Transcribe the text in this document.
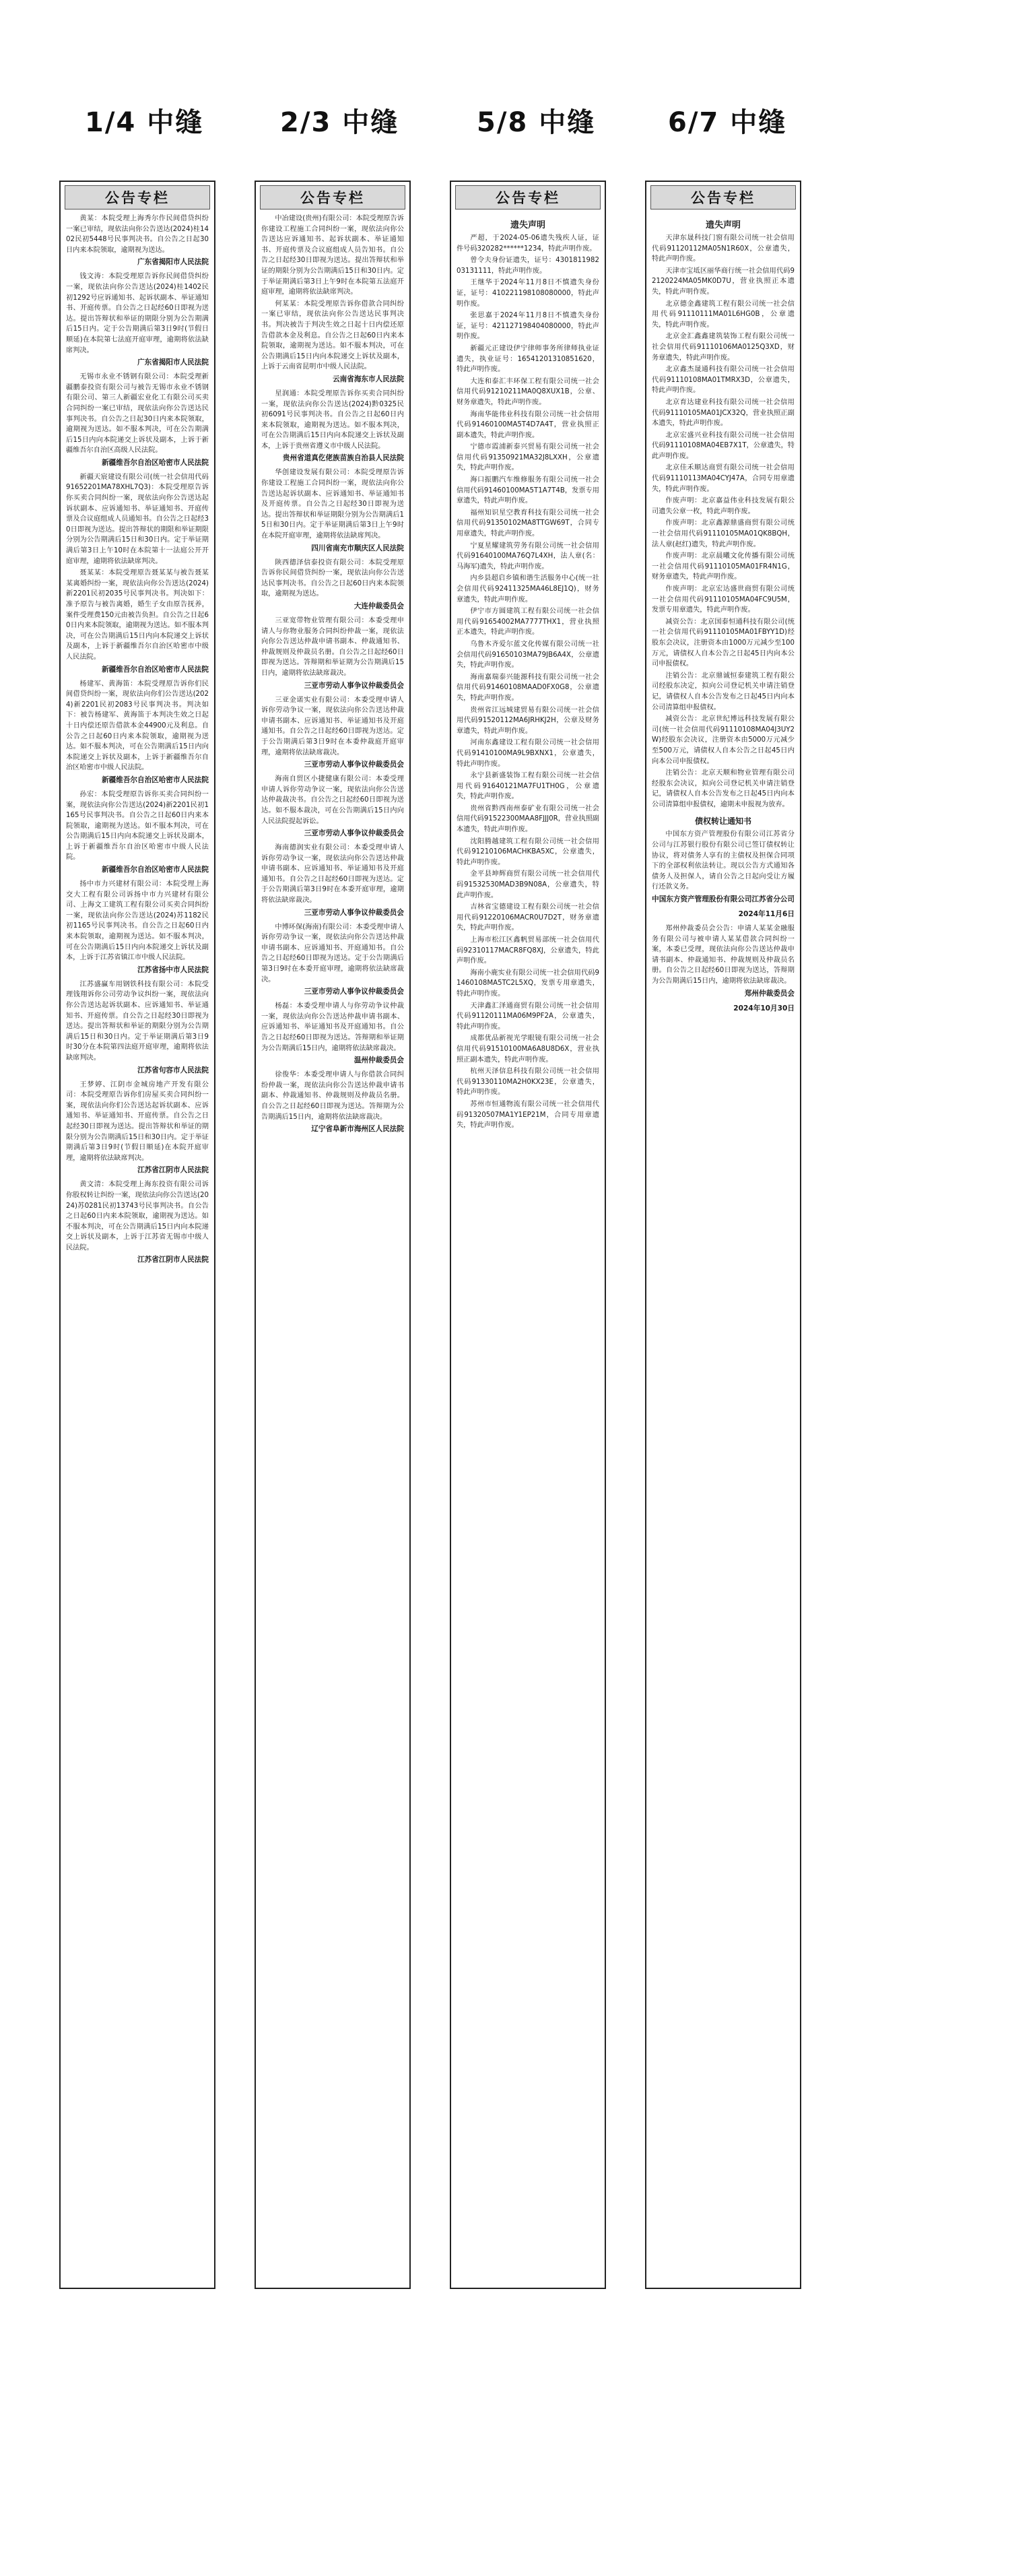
1/4 中缝	2/3 中缝	5/8 中缝	6/7 中缝
公告专栏
黄某：本院受理上海秀尔作民间借贷纠纷一案已审结，现依法向你公告送达(2024)桂1402民初5448号民事判决书。自公告之日起30日内来本院领取，逾期视为送达。
广东省揭阳市人民法院
钱文涛：本院受理原告诉你民间借贷纠纷一案，现依法向你公告送达(2024)桂1402民初1292号应诉通知书、起诉状副本、举证通知书、开庭传票。自公告之日起经60日即视为送达。提出答辩状和举证的期限分别为公告期满后15日内。定于公告期满后第3日9时(节假日顺延)在本院第七法庭开庭审理，逾期将依法缺席判决。
广东省揭阳市人民法院
无锡市永业不锈钢有限公司：本院受理新疆鹏泰投资有限公司与被告无锡市永业不锈钢有限公司、第三人新疆宏业化工有限公司买卖合同纠纷一案已审结，现依法向你公告送达民事判决书。自公告之日起30日内来本院领取，逾期视为送达。如不服本判决，可在公告期满后15日内向本院递交上诉状及副本，上诉于新疆维吾尔自治区高级人民法院。
新疆维吾尔自治区哈密市人民法院
新疆天宸建设有限公司(统一社会信用代码91652201MA78XHL7Q3)：本院受理原告诉你买卖合同纠纷一案，现依法向你公告送达起诉状副本、应诉通知书、举证通知书、开庭传票及合议庭组成人员通知书。自公告之日起经30日即视为送达。提出答辩状的期限和举证期限分别为公告期满后15日和30日内。定于举证期满后第3日上午10时在本院第十一法庭公开开庭审理，逾期将依法缺席判决。
聂某某：本院受理原告聂某某与被告聂某某离婚纠纷一案，现依法向你公告送达(2024)新2201民初2035号民事判决书。判决如下：准予原告与被告离婚，婚生子女由原告抚养，案件受理费150元由被告负担。自公告之日起60日内来本院领取，逾期视为送达。如不服本判决，可在公告期满后15日内向本院递交上诉状及副本，上诉于新疆维吾尔自治区哈密市中级人民法院。
新疆维吾尔自治区哈密市人民法院
杨建军、黄海笛：本院受理原告诉你们民间借贷纠纷一案，现依法向你们公告送达(2024)新2201民初2083号民事判决书。判决如下：被告杨建军、黄海笛于本判决生效之日起十日内偿还原告借款本金44900元及利息。自公告之日起60日内来本院领取，逾期视为送达。如不服本判决，可在公告期满后15日内向本院递交上诉状及副本，上诉于新疆维吾尔自治区哈密市中级人民法院。
新疆维吾尔自治区哈密市人民法院
孙宏：本院受理原告诉你买卖合同纠纷一案，现依法向你公告送达(2024)新2201民初1165号民事判决书。自公告之日起60日内来本院领取，逾期视为送达。如不服本判决，可在公告期满后15日内向本院递交上诉状及副本，上诉于新疆维吾尔自治区哈密市中级人民法院。
新疆维吾尔自治区哈密市人民法院
扬中市力兴建材有限公司：本院受理上海交大工程有限公司诉扬中市力兴建材有限公司、上海文工建筑工程有限公司买卖合同纠纷一案，现依法向你公告送达(2024)苏1182民初1165号民事判决书。自公告之日起60日内来本院领取，逾期视为送达。如不服本判决，可在公告期满后15日内向本院递交上诉状及副本，上诉于江苏省镇江市中级人民法院。
江苏省扬中市人民法院
江苏盛赢车用钢铁科技有限公司：本院受理钱翔诉你公司劳动争议纠纷一案，现依法向你公告送达起诉状副本、应诉通知书、举证通知书、开庭传票。自公告之日起经30日即视为送达。提出答辩状和举证的期限分别为公告期满后15日和30日内。定于举证期满后第3日9时30分在本院第四法庭开庭审理，逾期将依法缺席判决。
江苏省句容市人民法院
王梦婷、江阴市金城房地产开发有限公司：本院受理原告诉你们房屋买卖合同纠纷一案，现依法向你们公告送达起诉状副本、应诉通知书、举证通知书、开庭传票。自公告之日起经30日即视为送达。提出答辩状和举证的期限分别为公告期满后15日和30日内。定于举证期满后第3日9时(节假日顺延)在本院开庭审理，逾期将依法缺席判决。
江苏省江阴市人民法院
黄文清：本院受理上海东投资有限公司诉你股权转让纠纷一案，现依法向你公告送达(2024)苏0281民初13743号民事判决书。自公告之日起60日内来本院领取，逾期视为送达。如不服本判决，可在公告期满后15日内向本院递交上诉状及副本，上诉于江苏省无锡市中级人民法院。
江苏省江阴市人民法院
公告专栏
中冶建设(贵州)有限公司：本院受理原告诉你建设工程施工合同纠纷一案，现依法向你公告送达应诉通知书、起诉状副本、举证通知书、开庭传票及合议庭组成人员告知书。自公告之日起经30日即视为送达。提出答辩状和举证的期限分别为公告期满后15日和30日内。定于举证期满后第3日上午9时在本院第五法庭开庭审理，逾期将依法缺席判决。
何某某：本院受理原告诉你借款合同纠纷一案已审结，现依法向你公告送达民事判决书。判决被告于判决生效之日起十日内偿还原告借款本金及利息。自公告之日起60日内来本院领取，逾期视为送达。如不服本判决，可在公告期满后15日内向本院递交上诉状及副本，上诉于云南省昆明市中级人民法院。
云南省海东市人民法院
星润通：本院受理原告诉你买卖合同纠纷一案，现依法向你公告送达(2024)黔0325民初6091号民事判决书。自公告之日起60日内来本院领取，逾期视为送达。如不服本判决，可在公告期满后15日内向本院递交上诉状及副本，上诉于贵州省遵义市中级人民法院。
贵州省道真仡佬族苗族自治县人民法院
华创建设发展有限公司：本院受理原告诉你建设工程施工合同纠纷一案，现依法向你公告送达起诉状副本、应诉通知书、举证通知书及开庭传票。自公告之日起经30日即视为送达。提出答辩状和举证期限分别为公告期满后15日和30日内。定于举证期满后第3日上午9时在本院开庭审理，逾期将依法缺席判决。
四川省南充市顺庆区人民法院
陕西德泽信泰投资有限公司：本院受理原告诉你民间借贷纠纷一案，现依法向你公告送达民事判决书。自公告之日起60日内来本院领取，逾期视为送达。
大连仲裁委员会
三亚宽带物业管理有限公司：本委受理申请人与你物业服务合同纠纷仲裁一案，现依法向你公告送达仲裁申请书副本、仲裁通知书、仲裁规则及仲裁员名册。自公告之日起经60日即视为送达。答辩期和举证期为公告期满后15日内，逾期将依法缺席裁决。
三亚市劳动人事争议仲裁委员会
三亚金诺实业有限公司：本委受理申请人诉你劳动争议一案，现依法向你公告送达仲裁申请书副本、应诉通知书、举证通知书及开庭通知书。自公告之日起经60日即视为送达。定于公告期满后第3日9时在本委仲裁庭开庭审理，逾期将依法缺席裁决。
三亚市劳动人事争议仲裁委员会
海南自贸区小捷健康有限公司：本委受理申请人诉你劳动争议一案，现依法向你公告送达仲裁裁决书。自公告之日起经60日即视为送达。如不服本裁决，可在公告期满后15日内向人民法院提起诉讼。
三亚市劳动人事争议仲裁委员会
海南德润实业有限公司：本委受理申请人诉你劳动争议一案，现依法向你公告送达仲裁申请书副本、应诉通知书、举证通知书及开庭通知书。自公告之日起经60日即视为送达。定于公告期满后第3日9时在本委开庭审理，逾期将依法缺席裁决。
三亚市劳动人事争议仲裁委员会
中博环保(海南)有限公司：本委受理申请人诉你劳动争议一案，现依法向你公告送达仲裁申请书副本、应诉通知书、开庭通知书。自公告之日起经60日即视为送达。定于公告期满后第3日9时在本委开庭审理，逾期将依法缺席裁决。
三亚市劳动人事争议仲裁委员会
杨磊：本委受理申请人与你劳动争议仲裁一案，现依法向你公告送达仲裁申请书副本、应诉通知书、举证通知书及开庭通知书。自公告之日起经60日即视为送达。答辩期和举证期为公告期满后15日内，逾期将依法缺席裁决。
温州仲裁委员会
徐俊华：本委受理申请人与你借款合同纠纷仲裁一案，现依法向你公告送达仲裁申请书副本、仲裁通知书、仲裁规则及仲裁员名册。自公告之日起经60日即视为送达。答辩期为公告期满后15日内，逾期将依法缺席裁决。
辽宁省阜新市海州区人民法院
公告专栏
遗失声明
严超，于2024-05-06遗失残疾人证，证件号码320282******1234，特此声明作废。
曾令夫身份证遗失，证号：430181198203131111，特此声明作废。
王继华于2024年11月8日不慎遗失身份证，证号：410221198108080000，特此声明作废。
张思嘉于2024年11月8日不慎遗失身份证，证号：421127198404080000，特此声明作废。
新疆元正建设伊宁律师事务所律师执业证遗失，执业证号：16541201310851620，特此声明作废。
大连和泰汇丰环保工程有限公司统一社会信用代码91210211MA0Q8XUX1B，公章、财务章遗失，特此声明作废。
海南华能伟业科技有限公司统一社会信用代码91460100MA5T4D7A4T，营业执照正副本遗失，特此声明作废。
宁德市霞浦新泰兴贸易有限公司统一社会信用代码91350921MA32J8LXXH，公章遗失，特此声明作废。
海口振鹏汽车维修服务有限公司统一社会信用代码91460100MA5T1A7T4B，发票专用章遗失，特此声明作废。
福州知识星空教育科技有限公司统一社会信用代码91350102MA8TTGW69T，合同专用章遗失，特此声明作废。
宁夏星耀建筑劳务有限公司统一社会信用代码91640100MA76Q7L4XH，法人章(名：马海军)遗失，特此声明作废。
内乡县超启乡镇和谐生活服务中心(统一社会信用代码92411325MA46L8EJ1Q)，财务章遗失，特此声明作废。
伊宁市方圆建筑工程有限公司统一社会信用代码91654002MA7777THX1，营业执照正本遗失，特此声明作废。
乌鲁木齐爱尔蓝文化传媒有限公司统一社会信用代码91650103MA79JB6A4X，公章遗失，特此声明作废。
海南嘉瑞泰兴能源科技有限公司统一社会信用代码91460108MAAD0FX0G8，公章遗失，特此声明作废。
贵州省江远城建贸易有限公司统一社会信用代码91520112MA6JRHKJ2H，公章及财务章遗失，特此声明作废。
河南东鑫建设工程有限公司统一社会信用代码91410100MA9L9BXNX1，公章遗失，特此声明作废。
永宁县新盛装饰工程有限公司统一社会信用代码91640121MA7FU1TH0G，公章遗失，特此声明作废。
贵州省黔西南州泰矿业有限公司统一社会信用代码91522300MAA8FJJJ0R，营业执照副本遗失，特此声明作废。
沈阳腾越建筑工程有限公司统一社会信用代码91210106MACHKBA5XC，公章遗失，特此声明作废。
金平县坤辉商贸有限公司统一社会信用代码91532530MAD3B9N08A，公章遗失，特此声明作废。
吉林省宝德建设工程有限公司统一社会信用代码91220106MACR0U7D2T，财务章遗失，特此声明作废。
上海市松江区鑫帆贸易部统一社会信用代码92310117MACR8FQ8XJ，公章遗失，特此声明作废。
海南小鹿实业有限公司统一社会信用代码91460108MA5TC2L5XQ，发票专用章遗失，特此声明作废。
天津鑫汇泽通商贸有限公司统一社会信用代码91120111MA06M9PF2A，公章遗失，特此声明作废。
成都优品新视光学眼镜有限公司统一社会信用代码91510100MA6A8U8D6X，营业执照正副本遗失，特此声明作废。
杭州天泽信息科技有限公司统一社会信用代码91330110MA2H0KX23E，公章遗失，特此声明作废。
苏州市恒通物流有限公司统一社会信用代码91320507MA1Y1EP21M，合同专用章遗失，特此声明作废。
公告专栏
遗失声明
天津东晟科技门窗有限公司统一社会信用代码91120112MA05N1R60X，公章遗失，特此声明作废。
天津市宝坻区丽华商行统一社会信用代码92120224MA05MK0D7U，营业执照正本遗失，特此声明作废。
北京德金鑫建筑工程有限公司统一社会信用代码91110111MA01L6HG0B，公章遗失，特此声明作废。
北京金汇鑫鑫建筑装饰工程有限公司统一社会信用代码91110106MA0125Q3XD，财务章遗失，特此声明作废。
北京鑫杰晟通科技有限公司统一社会信用代码91110108MA01TMRX3D，公章遗失，特此声明作废。
北京育达建业科技有限公司统一社会信用代码91110105MA01JCX32Q，营业执照正副本遗失，特此声明作废。
北京宏盛兴业科技有限公司统一社会信用代码91110108MA04EB7X1T，公章遗失，特此声明作废。
北京佳禾顺达商贸有限公司统一社会信用代码91110113MA04CYJ47A，合同专用章遗失，特此声明作废。
作废声明：北京嘉益伟业科技发展有限公司遗失公章一枚，特此声明作废。
作废声明：北京鑫源鼎盛商贸有限公司统一社会信用代码91110105MA01QK8BQH，法人章(赵红)遗失，特此声明作废。
作废声明：北京晨曦文化传播有限公司统一社会信用代码91110105MA01FR4N1G，财务章遗失，特此声明作废。
作废声明：北京宏达盛世商贸有限公司统一社会信用代码91110105MA04FC9U5M，发票专用章遗失，特此声明作废。
减资公告：北京国泰恒通科技有限公司(统一社会信用代码91110105MA01FBYY1D)经股东会决议，注册资本由1000万元减少至100万元，请债权人自本公告之日起45日内向本公司申报债权。
注销公告：北京鼎诚恒泰建筑工程有限公司经股东决定，拟向公司登记机关申请注销登记，请债权人自本公告发布之日起45日内向本公司清算组申报债权。
减资公告：北京世纪博远科技发展有限公司(统一社会信用代码91110108MA04J3UY2W)经股东会决议，注册资本由5000万元减少至500万元，请债权人自本公告之日起45日内向本公司申报债权。
注销公告：北京天顺和物业管理有限公司经股东会决议，拟向公司登记机关申请注销登记，请债权人自本公告发布之日起45日内向本公司清算组申报债权，逾期未申报视为放弃。
债权转让通知书
中国东方资产管理股份有限公司江苏省分公司与江苏银行股份有限公司已签订债权转让协议，将对债务人享有的主债权及担保合同项下的全部权利依法转让。现以公告方式通知各债务人及担保人，请自公告之日起向受让方履行还款义务。
中国东方资产管理股份有限公司江苏省分公司
2024年11月6日
郑州仲裁委员会公告：申请人某某金融服务有限公司与被申请人某某借款合同纠纷一案，本委已受理，现依法向你公告送达仲裁申请书副本、仲裁通知书、仲裁规则及仲裁员名册。自公告之日起经60日即视为送达，答辩期为公告期满后15日内，逾期将依法缺席裁决。
郑州仲裁委员会
2024年10月30日
